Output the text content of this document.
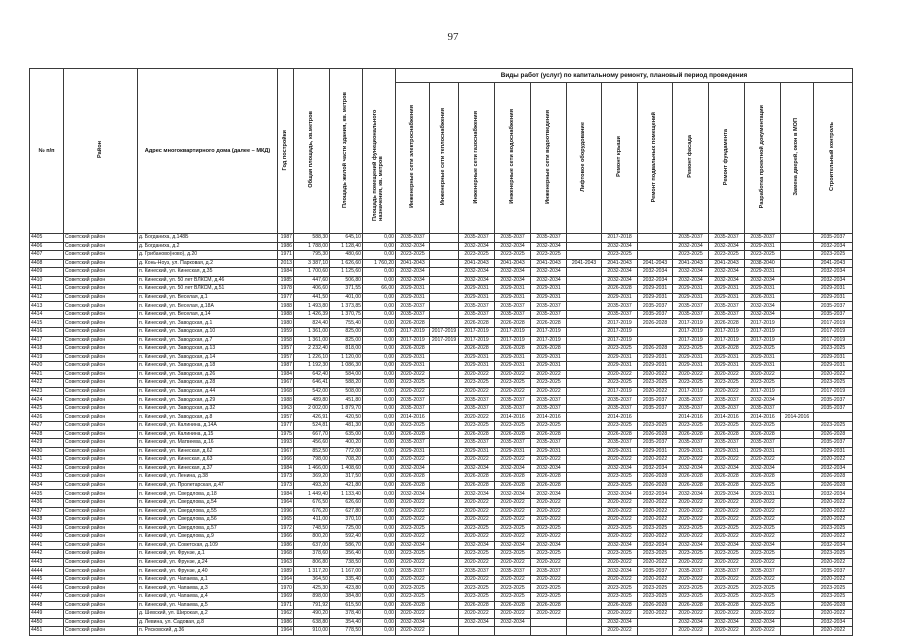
97
№ п/п	Район	Адрес многоквартирного дома (далее – МКД)	Год постройки	Общая площадь, кв.метров	Площадь жилой части здания, кв. метров	Площадь помещений функционального назначения, кв. метров	Виды работ (услуг) по капитальному ремонту, плановый период проведения												
							Инженерные сети электроснабжения	Инженерные сети теплоснабжения	Инженерные сети газоснабжения	Инженерные сети водоснабжения	Инженерные сети водоотведения	Лифтовое оборудование	Ремонт крыши	Ремонт подвальных помещений	Ремонт фасада	Ремонт фундамента	Разработка проектной документации	Замена дверей, окон в МОП	Строительный контроль
4405	Советский район	д. Богданиха, д.148Б	1987	588,30	645,10	0,00	2035-2037		2035-2037	2035-2037	2035-2037		2017-2018		2035-2037	2035-2037	2035-2037		2035-2037
4406	Советский район	д. Богданиха, д.2	1986	1 788,00	1 128,40	0,00	2032-2034		2032-2034	2032-2034	2032-2034		2032-2034		2032-2034	2032-2034	2029-2031		2032-2034
4407	Советский район	д. Грибаново(ново), д.20	1971	795,30	480,60	0,00	2023-2025		2023-2025	2023-2025	2023-2025		2023-2025		2023-2025	2023-2025	2023-2025		2023-2025
4408	Советский район	д. Конь-Ноуз, ул. Парковая, д.2	2013	3 387,10	1 626,60	1 760,20	2041-2043		2041-2043	2041-2043	2041-2043	2041-2043	2041-2043	2041-2043	2041-2043	2041-2043	2038-2040		2041-2043
4409	Советский район	п. Кинеский, ул. Кинеская, д.35	1984	1 700,60	1 125,60	0,00	2032-2034		2032-2034	2032-2034	2032-2034		2032-2034	2032-2034	2032-2034	2032-2034	2029-2031		2032-2034
4410	Советский район	п. Кинеский, ул. 50 лет ВЛКСМ, д.46	1985	447,60	506,80	0,00	2032-2034		2032-2034	2032-2034	2032-2034		2032-2034	2032-2034	2032-2034	2032-2034	2032-2034		2032-2034
4411	Советский район	п. Кинеский, ул. 50 лет ВЛКСМ, д.51	1978	406,60	371,55	66,00	2029-2031		2029-2031	2029-2031	2029-2031		2026-2028	2029-2031	2029-2031	2029-2031	2029-2031		2029-2031
4412	Советский район	п. Кинеский, ул. Веселая, д.1	1977	441,50	401,00	0,00	2029-2031		2029-2031	2029-2031	2029-2031		2029-2031	2029-2031	2029-2031	2029-2031	2026-2031		2029-2031
4413	Советский район	п. Кинеский, ул. Веселая, д.18А	1988	1 493,80	1 373,85	0,00	2035-2037		2035-2037	2035-2037	2035-2037		2035-2037	2035-2037	2035-2037	2035-2037	2032-2034		2035-2037
4414	Советский район	п. Кинеский, ул. Веселая, д.14	1988	1 426,39	1 370,75	0,00	2035-2037		2035-2037	2035-2037	2035-2037		2035-2037	2035-2037	2035-2037	2035-2037	2032-2034		2035-2037
4415	Советский район	п. Кинеский, ул. Заводская, д.1	1980	824,40	755,40	0,00	2026-2028		2026-2028	2026-2028	2026-2028		2017-2019	2026-2028	2017-2019	2026-2028	2017-2019		2017-2019
4416	Советский район	п. Кинеский, ул. Заводская, д.10	1959	1 361,00	825,00	0,00	2017-2019	2017-2019	2017-2019	2017-2019	2017-2019		2017-2019		2017-2019	2017-2019	2017-2019		2017-2019
4417	Советский район	п. Кинеский, ул. Заводская, д.7	1958	1 361,00	825,00	0,00	2017-2019	2017-2019	2017-2019	2017-2019	2017-2019		2017-2019		2017-2019	2017-2019	2017-2019		2017-2019
4418	Советский район	п. Кинеский, ул. Заводская, д.13	1957	2 232,40	818,00	0,00	2026-2028		2026-2028	2026-2028	2026-2028		2023-2025	2026-2028	2023-2025	2026-2028	2023-2025		2023-2025
4419	Советский район	п. Кинеский, ул. Заводская, д.14	1957	1 226,10	1 120,00	0,00	2029-2031		2029-2031	2029-2031	2029-2031		2029-2031	2029-2031	2029-2031	2029-2031	2029-2031		2029-2031
4420	Советский район	п. Кинеский, ул. Заводская, д.18	1987	1 192,30	1 086,30	0,00	2029-2031		2029-2031	2029-2031	2029-2031		2029-2031	2029-2031	2029-2031	2029-2031	2029-2031		2029-2031
4421	Советский район	п. Кинеский, ул. Заводская, д.26	1984	642,40	584,00	0,00	2020-2022		2020-2022	2020-2022	2020-2022		2020-2022	2020-2022	2020-2022	2020-2022	2020-2022		2020-2022
4422	Советский район	п. Кинеский, ул. Заводская, д.28	1967	646,41	588,20	0,00	2023-2025		2023-2025	2023-2025	2023-2025		2023-2025	2023-2025	2023-2025	2023-2025	2023-2025		2023-2025
4423	Советский район	п. Кинеский, ул. Заводская, д.44	1968	542,00	508,00	0,00	2020-2022		2020-2022	2020-2022	2020-2022		2017-2019	2020-2022	2017-2019	2020-2022	2017-2019		2017-2019
4424	Советский район	п. Кинеский, ул. Заводская, д.29	1988	489,80	451,80	0,00	2035-2037		2035-2037	2035-2037	2035-2037		2035-2037	2035-2037	2035-2037	2035-2037	2032-2034		2035-2037
4425	Советский район	п. Кинеский, ул. Заводская, д.32	1963	2 002,00	1 879,70	0,00	2035-2037		2035-2037	2035-2037	2035-2037		2035-2037	2035-2037	2035-2037	2035-2037	2035-2037		2035-2037
4426	Советский район	п. Кинеский, ул. Заводская, д.8	1957	426,91	420,50	0,00	2014-2016		2020-2022	2014-2016	2014-2016		2014-2016		2014-2016	2014-2016	2014-2016	2014-2016	
4427	Советский район	п. Кинеский, ул. Калинина, д.14А	1977	524,81	481,30	0,00	2023-2025		2023-2025	2023-2025	2023-2025		2023-2025	2023-2025	2023-2025	2023-2025	2023-2025		2023-2025
4428	Советский район	п. Кинеский, ул. Калинина, д.15	1975	667,70	635,00	0,00	2026-2028		2026-2028	2026-2028	2026-2028		2026-2028	2026-2028	2026-2028	2026-2028	2026-2028		2026-2028
4429	Советский район	п. Кинеский, ул. Матвеева, д.16	1993	456,60	400,20	0,00	2035-2037		2035-2037	2035-2037	2035-2037		2035-2037	2035-2037	2035-2037	2035-2037	2035-2037		2035-2037
4430	Советский район	п. Кинеский, ул. Кинеская, д.62	1967	852,50	772,00	0,00	2029-2031		2029-2031	2029-2031	2029-2031		2029-2031	2029-2031	2029-2031	2029-2031	2029-2031		2029-2031
4431	Советский район	п. Кинеский, ул. Кинеская, д.63	1966	798,00	708,20	0,00	2020-2022		2020-2022	2020-2022	2020-2022		2020-2022	2020-2022	2020-2022	2020-2022	2020-2022		2020-2022
4432	Советский район	п. Кинеский, ул. Кинеская, д.37	1984	1 466,00	1 408,60	0,00	2032-2034		2032-2034	2032-2034	2032-2034		2032-2034	2032-2034	2032-2034	2032-2034	2032-2034		2032-2034
4433	Советский район	п. Кинеский, ул. Ленина, д.38	1973	369,20	317,50	0,00	2026-2028		2026-2028	2026-2028	2026-2028		2023-2025	2026-2028	2026-2028	2026-2028	2026-2028		2026-2028
4434	Советский район	п. Кинеский, ул. Пролетарская, д.47	1973	493,20	421,80	0,00	2026-2028		2026-2028	2026-2028	2026-2028		2023-2025	2026-2028	2026-2028	2026-2028	2023-2025		2026-2028
4435	Советский район	п. Кинеский, ул. Свердлова, д.18	1984	1 449,40	1 133,40	0,00	2032-2034		2032-2034	2032-2034	2032-2034		2032-2034	2032-2034	2032-2034	2029-2034	2029-2031		2032-2034
4436	Советский район	п. Кинеский, ул. Свердлова, д.54	1964	676,50	626,60	0,00	2020-2022		2020-2022	2020-2022	2020-2022		2020-2022	2020-2022	2020-2022	2020-2022	2020-2022		2020-2022
4437	Советский район	п. Кинеский, ул. Свердлова, д.55	1996	676,20	627,80	0,00	2020-2022		2020-2022	2020-2022	2020-2022		2020-2022	2020-2022	2020-2022	2020-2022	2020-2022		2020-2022
4438	Советский район	п. Кинеский, ул. Свердлова, д.56	1965	411,00	370,10	0,00	2020-2022		2020-2022	2020-2022	2020-2022		2020-2022	2020-2022	2020-2022	2020-2022	2020-2022		2020-2022
4439	Советский район	п. Кинеский, ул. Свердлова, д.57	1972	748,50	725,00	0,00	2023-2025		2023-2025	2023-2025	2023-2025		2023-2025	2023-2025	2023-2025	2023-2025	2023-2025		2023-2025
4440	Советский район	п. Кинеский, ул. Свердлова, д.9	1966	800,20	592,40	0,00	2020-2022		2020-2022	2020-2022	2020-2022		2020-2022	2020-2022	2020-2022	2020-2022	2020-2022		2020-2022
4441	Советский район	п. Кинеский, ул. Советская, д.109	1986	637,00	586,70	0,00	2032-2034		2032-2034	2032-2034	2032-2034		2032-2034	2032-2034	2032-2034	2032-2034	2032-2034		2032-2034
4442	Советский район	п. Кинеский, ул. Фрунзе, д.1	1968	378,60	356,40	0,00	2023-2025		2023-2025	2023-2025	2023-2025		2023-2025	2023-2025	2023-2025	2023-2025	2023-2025		2023-2025
4443	Советский район	п. Кинеский, ул. Фрунзе, д.24	1963	806,80	738,50	0,00	2020-2022		2020-2022	2020-2022	2020-2022		2020-2022	2020-2022	2020-2022	2020-2022	2020-2022		2020-2022
4444	Советский район	п. Кинеский, ул. Фрунзе, д.40	1989	1 317,20	1 167,00	0,00	2035-2037		2035-2037	2035-2037	2035-2037		2032-2034	2035-2037	2035-2037	2035-2037	2035-2037		2035-2037
4445	Советский район	п. Кинеский, ул. Чапаева, д.1	1964	364,50	335,40	0,00	2020-2022		2020-2022	2020-2022	2020-2022		2020-2022	2020-2022	2020-2022	2020-2022	2020-2022		2020-2022
4446	Советский район	п. Кинеский, ул. Чапаева, д.3	1970	425,30	423,80	0,00	2023-2025		2023-2025	2023-2025	2023-2025		2023-2025	2023-2025	2023-2025	2023-2025	2023-2025		2023-2025
4447	Советский район	п. Кинеский, ул. Чапаева, д.4	1969	898,00	384,80	0,00	2023-2025		2023-2025	2023-2025	2023-2025		2023-2025	2023-2025	2023-2025	2023-2025	2023-2025		2023-2025
4448	Советский район	п. Кинеский, ул. Чапаева, д.5	1971	791,92	615,50	0,00	2026-2028		2026-2028	2026-2028	2026-2028		2026-2028	2026-2028	2026-2028	2026-2028	2023-2025		2026-2028
4449	Советский район	д. Шевский, ул. Широкая, д.2	1962	490,20	378,40	0,00	2020-2022		2020-2022	2020-2022	2020-2022		2020-2022	2020-2022	2020-2022	2020-2022	2020-2022		2020-2022
4450	Советский район	д. Левина, ул. Садовая, д.8	1986	638,80	354,40	0,00	2032-2034		2032-2034	2032-2034			2032-2034		2032-2034	2032-2034	2032-2034		2032-2034
4451	Советский район	п. Рясковский, д.36	1964	910,00	778,50	0,00	2020-2022						2020-2022		2020-2022	2020-2022	2020-2022		2020-2022
